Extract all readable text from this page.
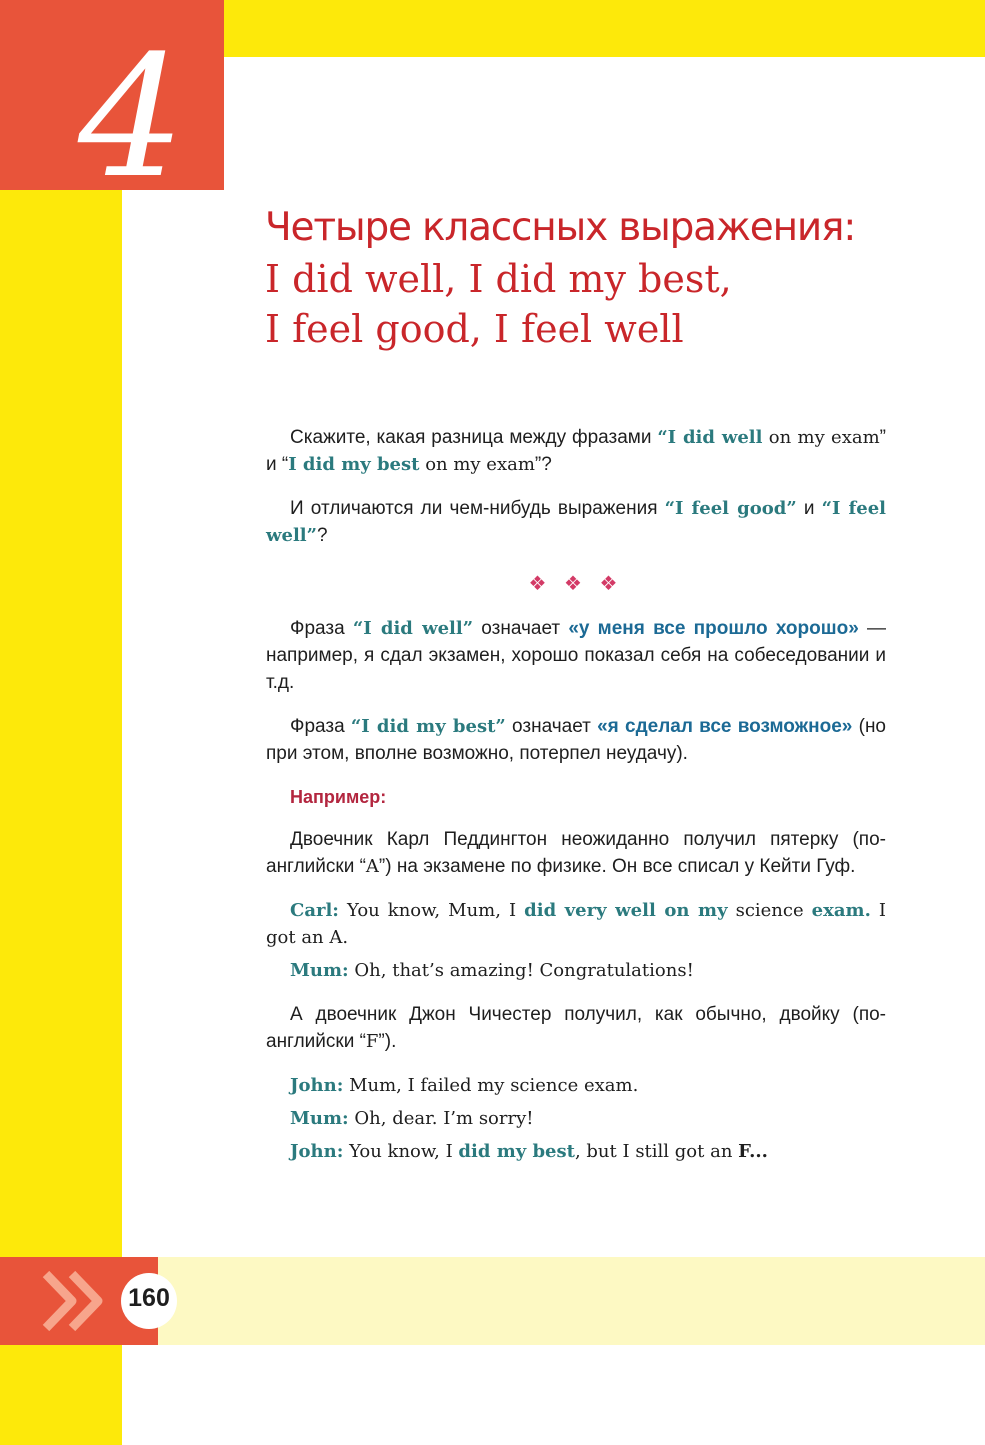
4
Четыре классных выражения:
I did well, I did my best,
I feel good, I feel well

Скажите, какая разница между фразами “I did well on my exam” и “I did my best on my exam”?

И отличаются ли чем-нибудь выражения “I feel good” и “I feel well”?

❖ ❖ ❖

Фраза “I did well” означает «у меня все прошло хорошо» — например, я сдал экзамен, хорошо показал себя на собеседовании и т.д.

Фраза “I did my best” означает «я сделал все возможное» (но при этом, вполне возможно, потерпел неудачу).

Например:

Двоечник Карл Педдингтон неожиданно получил пятерку (по-английски “A”) на экзамене по физике. Он все списал у Кейти Гуф.

Carl: You know, Mum, I did very well on my science exam. I got an A.

Mum: Oh, that’s amazing! Congratulations!

А двоечник Джон Чичестер получил, как обычно, двойку (по-английски “F”).

John: Mum, I failed my science exam.

Mum: Oh, dear. I’m sorry!

John: You know, I did my best, but I still got an F...

160
